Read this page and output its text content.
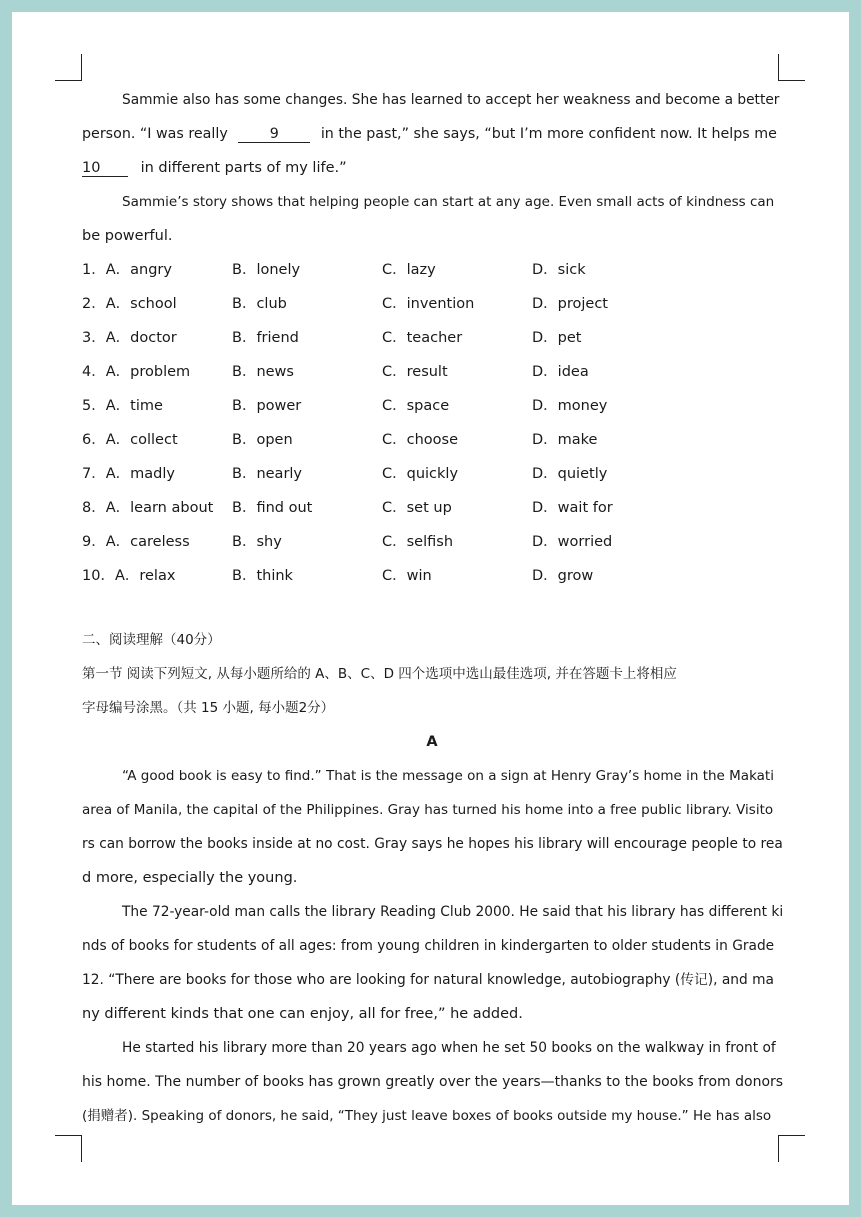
Sammie also has some changes. She has learned to accept her weakness and become a better
person. “I was really	9	in the past,” she says, “but I’m more confident now. It helps me
10	in different parts of my life.”
Sammie’s story shows that helping people can start at any age. Even small acts of kindness can
be powerful.
1．A．angry	B．lonely	C．lazy	D．sick
2．A．school	B．club	C．invention	D．project
3．A．doctor	B．friend	C．teacher	D．pet
4．A．problem	B．news	C．result	D．idea
5．A．time	B．power	C．space	D．money
6．A．collect	B．open	C．choose	D．make
7．A．madly	B．nearly	C．quickly	D．quietly
8．A．learn about B．find out	C．set up	D．wait for
9．A．careless	B．shy	C．selfish	D．worried
10．A．relax	B．think	C．win	D．grow
二、阅读理解（40分）
第一节 阅读下列短文, 从每小题所给的 A、B、C、D 四个选项中选山最佳选项, 并在答题卡上将相应
字母编号涂黑。（共 15 小题, 每小题2分）
A
“A good book is easy to find.” That is the message on a sign at Henry Gray’s home in the Makati
area of Manila, the capital of the Philippines. Gray has turned his home into a free public library. Visito
rs can borrow the books inside at no cost. Gray says he hopes his library will encourage people to rea
d more, especially the young.
The 72-year-old man calls the library Reading Club 2000. He said that his library has different ki
nds of books for students of all ages: from young children in kindergarten to older students in Grade
12. “There are books for those who are looking for natural knowledge, autobiography (传记), and ma
ny different kinds that one can enjoy, all for free,” he added.
He started his library more than 20 years ago when he set 50 books on the walkway in front of
his home. The number of books has grown greatly over the years—thanks to the books from donors
(捐赠者). Speaking of donors, he said, “They just leave boxes of books outside my house.” He has also
